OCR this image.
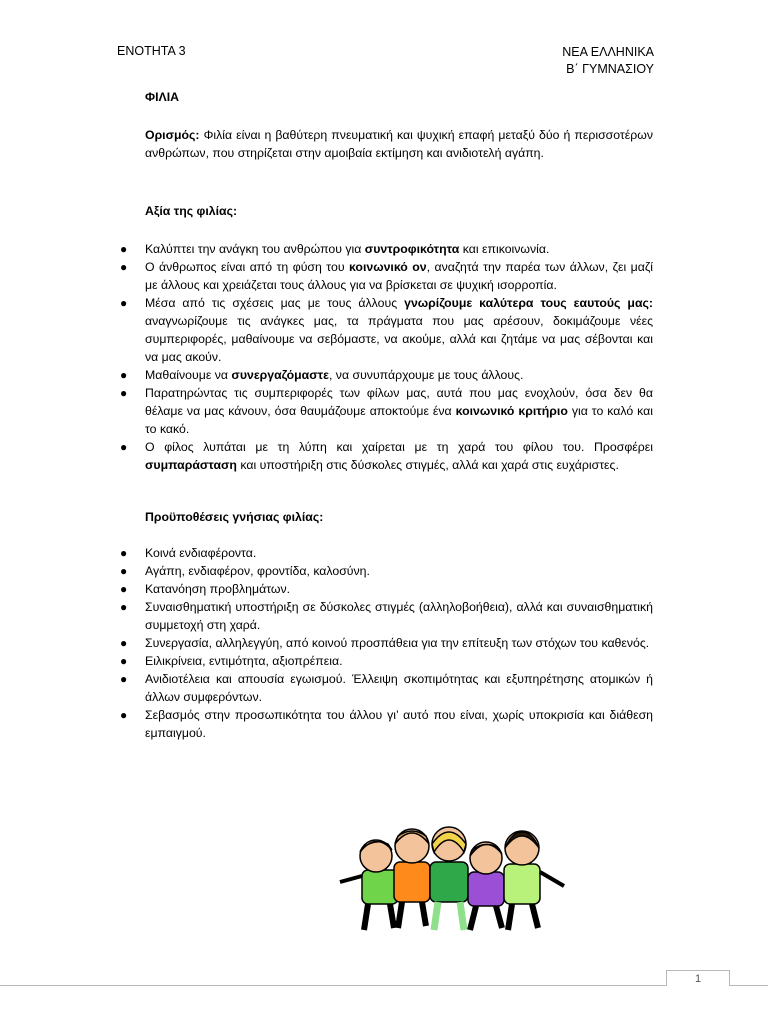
ΕΝΟΤΗΤΑ 3	ΝΕΑ ΕΛΛΗΝΙΚΑ
Β΄ ΓΥΜΝΑΣΙΟΥ

ΦΙΛΙΑ

Ορισμός: Φιλία είναι η βαθύτερη πνευματική και ψυχική επαφή μεταξύ δύο ή περισσοτέρων ανθρώπων, που στηρίζεται στην αμοιβαία εκτίμηση και ανιδιοτελή αγάπη.

Αξία της φιλίας:

● Καλύπτει την ανάγκη του ανθρώπου για συντροφικότητα και επικοινωνία.
● Ο άνθρωπος είναι από τη φύση του κοινωνικό ον, αναζητά την παρέα των άλλων, ζει μαζί με άλλους και χρειάζεται τους άλλους για να βρίσκεται σε ψυχική ισορροπία.
● Μέσα από τις σχέσεις μας με τους άλλους γνωρίζουμε καλύτερα τους εαυτούς μας: αναγνωρίζουμε τις ανάγκες μας, τα πράγματα που μας αρέσουν, δοκιμάζουμε νέες συμπεριφορές, μαθαίνουμε να σεβόμαστε, να ακούμε, αλλά και ζητάμε να μας σέβονται και να μας ακούν.
● Μαθαίνουμε να συνεργαζόμαστε, να συνυπάρχουμε με τους άλλους.
● Παρατηρώντας τις συμπεριφορές των φίλων μας, αυτά που μας ενοχλούν, όσα δεν θα θέλαμε να μας κάνουν, όσα θαυμάζουμε αποκτούμε ένα κοινωνικό κριτήριο για το καλό και το κακό.
● Ο φίλος λυπάται με τη λύπη και χαίρεται με τη χαρά του φίλου του. Προσφέρει συμπαράσταση και υποστήριξη στις δύσκολες στιγμές, αλλά και χαρά στις ευχάριστες.

Προϋποθέσεις γνήσιας φιλίας:

● Κοινά ενδιαφέροντα.
● Αγάπη, ενδιαφέρον, φροντίδα, καλοσύνη.
● Κατανόηση προβλημάτων.
● Συναισθηματική υποστήριξη σε δύσκολες στιγμές (αλληλοβοήθεια), αλλά και συναισθηματική συμμετοχή στη χαρά.
● Συνεργασία, αλληλεγγύη, από κοινού προσπάθεια για την επίτευξη των στόχων του καθενός.
● Ειλικρίνεια, εντιμότητα, αξιοπρέπεια.
● Ανιδιοτέλεια και απουσία εγωισμού. Έλλειψη σκοπιμότητας και εξυπηρέτησης ατομικών ή άλλων συμφερόντων.
● Σεβασμός στην προσωπικότητα του άλλου γι’ αυτό που είναι, χωρίς υποκρισία και διάθεση εμπαιγμού.
1
